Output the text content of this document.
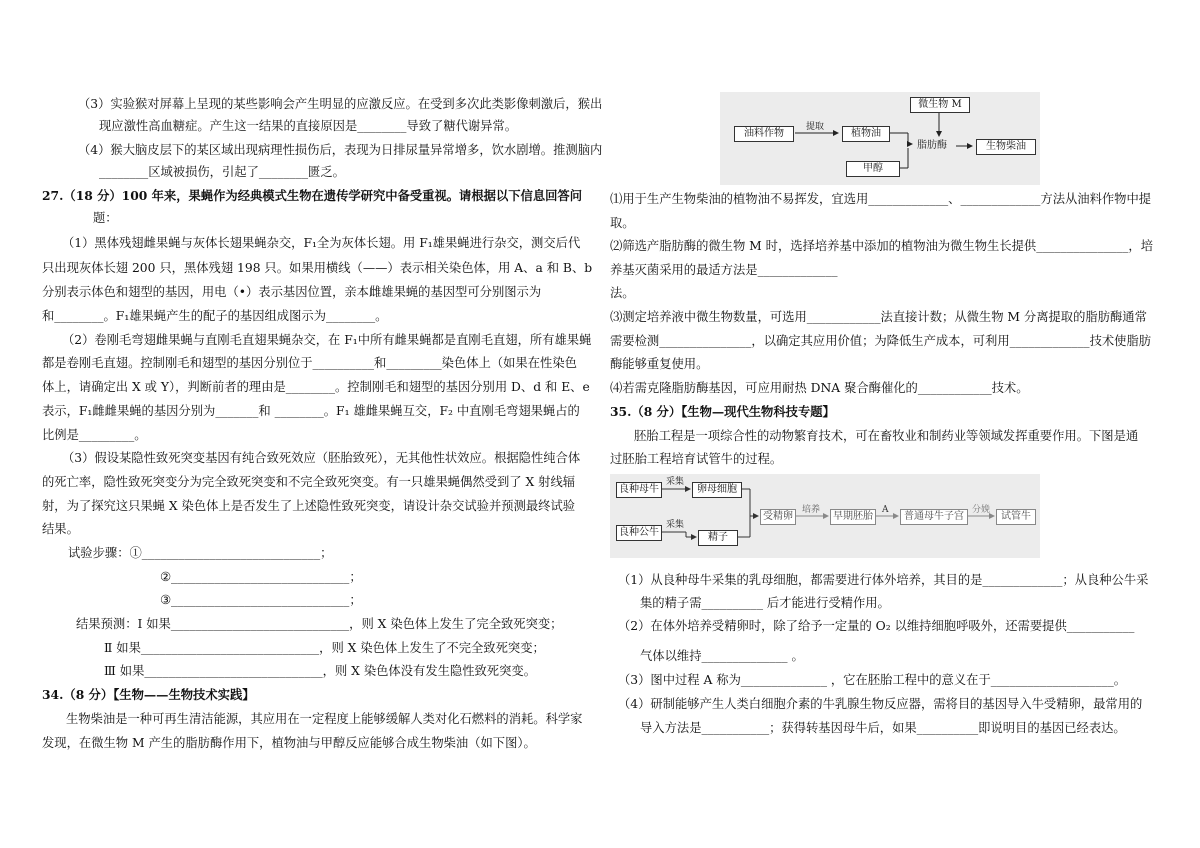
（3）实验猴对屏幕上呈现的某些影响会产生明显的应激反应。在受到多次此类影像刺激后，猴出
现应激性高血糖症。产生这一结果的直接原因是________导致了糖代谢异常。
（4）猴大脑皮层下的某区域出现病理性损伤后，表现为日排尿量异常增多，饮水剧增。推测脑内
________区域被损伤，引起了________匮乏。
27.（18 分）100 年来，果蝇作为经典模式生物在遗传学研究中备受重视。请根据以下信息回答问
题：
（1）黑体残翅雌果蝇与灰体长翅果蝇杂交，F₁全为灰体长翅。用 F₁雄果蝇进行杂交，测交后代
只出现灰体长翅 200 只，黑体残翅 198 只。如果用横线（——）表示相关染色体，用 A、a 和 B、b
分别表示体色和翅型的基因，用电（•）表示基因位置，亲本雌雄果蝇的基因型可分别图示为
和________。F₁雄果蝇产生的配子的基因组成图示为________。
（2）卷刚毛弯翅雌果蝇与直刚毛直翅果蝇杂交，在 F₁中所有雌果蝇都是直刚毛直翅，所有雄果蝇
都是卷刚毛直翅。控制刚毛和翅型的基因分别位于__________和_________染色体上（如果在性染色
体上，请确定出 X 或 Y），判断前者的理由是________。控制刚毛和翅型的基因分别用 D、d 和 E、e
表示，F₁雌雌果蝇的基因分别为_______和 ________。F₁ 雄雌果蝇互交，F₂ 中直刚毛弯翅果蝇占的
比例是_________。
（3）假设某隐性致死突变基因有纯合致死效应（胚胎致死），无其他性状效应。根据隐性纯合体
的死亡率，隐性致死突变分为完全致死突变和不完全致死突变。有一只雄果蝇偶然受到了 X 射线辐
射，为了探究这只果蝇 X 染色体上是否发生了上述隐性致死突变，请设计杂交试验并预测最终试验
结果。
试验步骤：①_____________________________；
②_____________________________；
③_____________________________；
结果预测：Ⅰ 如果_____________________________，则 X 染色体上发生了完全致死突变；
Ⅱ 如果_____________________________，则 X 染色体上发生了不完全致死突变；
Ⅲ 如果_____________________________，则 X 染色体没有发生隐性致死突变。
34.（8 分）【生物——生物技术实践】
生物柴油是一种可再生清洁能源，其应用在一定程度上能够缓解人类对化石燃料的消耗。科学家
发现，在微生物 M 产生的脂肪酶作用下，植物油与甲醇反应能够合成生物柴油（如下图）。
油料作物
提取
植物油
微生物 M
脂肪酶
甲醇
生物柴油
⑴用于生产生物柴油的植物油不易挥发，宜选用_____________、_____________方法从油料作物中提
取。
⑵筛选产脂肪酶的微生物 M 时，选择培养基中添加的植物油为微生物生长提供_______________，培
养基灭菌采用的最适方法是_____________
法。
⑶测定培养液中微生物数量，可选用____________法直接计数；从微生物 M 分离提取的脂肪酶通常
需要检测_______________，以确定其应用价值；为降低生产成本，可利用_____________技术使脂肪
酶能够重复使用。
⑷若需克隆脂肪酶基因，可应用耐热 DNA 聚合酶催化的____________技术。
35.（8 分）【生物—现代生物科技专题】
胚胎工程是一项综合性的动物繁育技术，可在畜牧业和制药业等领域发挥重要作用。下图是通
过胚胎工程培育试管牛的过程。
（1）从良种母牛采集的乳母细胞，都需要进行体外培养，其目的是_____________；从良种公牛采
集的精子需__________ 后才能进行受精作用。
（2）在体外培养受精卵时，除了给予一定量的 O₂ 以维持细胞呼吸外，还需要提供___________
气体以维持______________ 。
（3）图中过程 A 称为______________ ，它在胚胎工程中的意义在于____________________。
（4）研制能够产生人类白细胞介素的牛乳腺生物反应器，需将目的基因导入牛受精卵，最常用的
导入方法是___________；获得转基因母牛后，如果__________即说明目的基因已经表达。
良种母牛
采集
卵母细胞
良种公牛
采集
精子
受精卵
培养
早期胚胎
A
普通母牛子宫
分娩
试管牛
